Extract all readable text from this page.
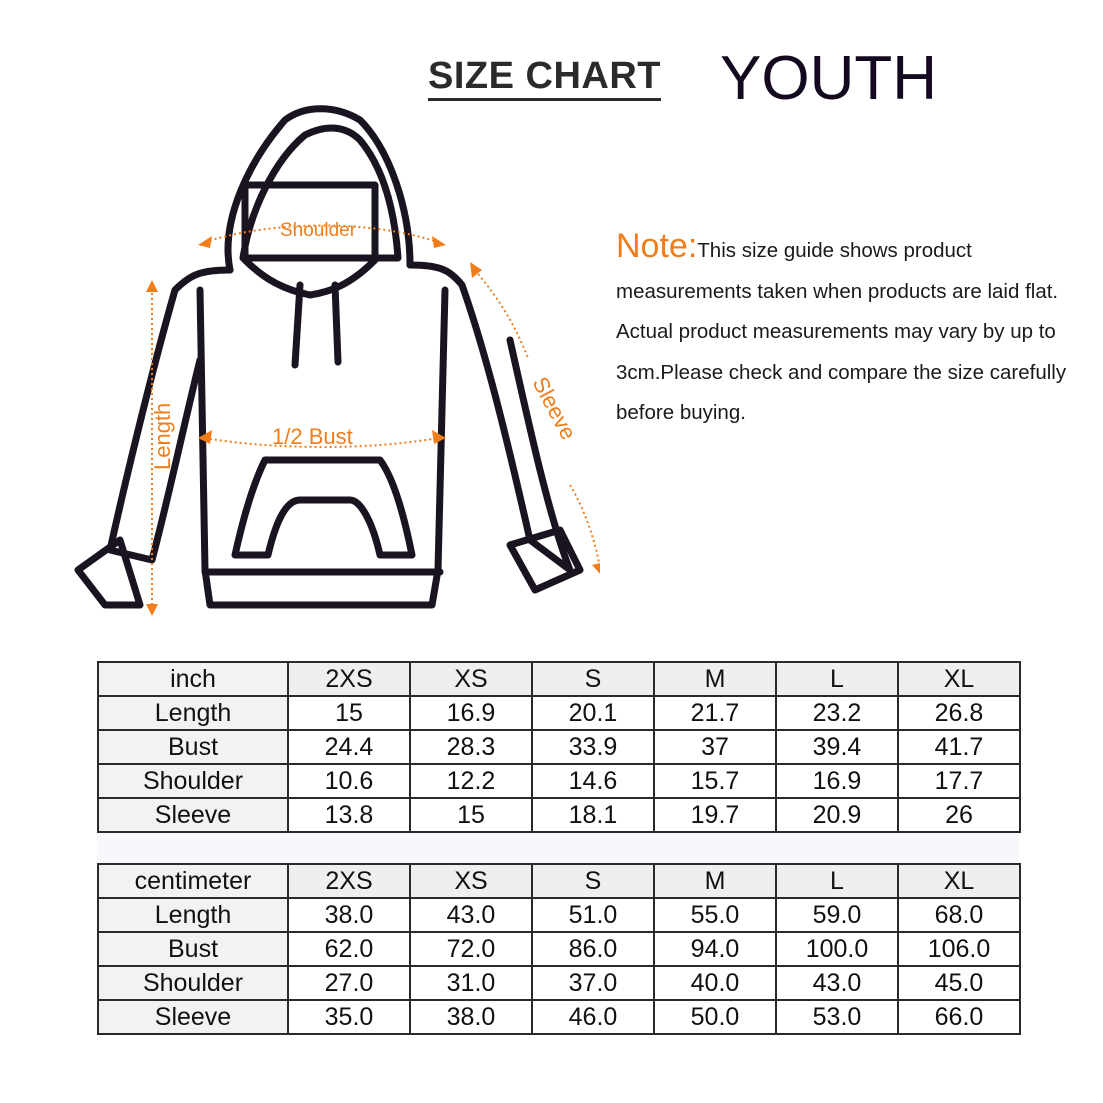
SIZE CHART YOUTH
Shoulder
1/2 Bust
Length	Sleeve
Note:This size guide shows product measurements taken when products are laid flat. Actual product measurements may vary by up to 3cm.Please check and compare the size carefully before buying.
inch	2XS	XS	S	M	L	XL
Length	15	16.9	20.1	21.7	23.2	26.8
Bust	24.4	28.3	33.9	37	39.4	41.7
Shoulder	10.6	12.2	14.6	15.7	16.9	17.7
Sleeve	13.8	15	18.1	19.7	20.9	26

centimeter	2XS	XS	S	M	L	XL
Length	38.0	43.0	51.0	55.0	59.0	68.0
Bust	62.0	72.0	86.0	94.0	100.0	106.0
Shoulder	27.0	31.0	37.0	40.0	43.0	45.0
Sleeve	35.0	38.0	46.0	50.0	53.0	66.0
